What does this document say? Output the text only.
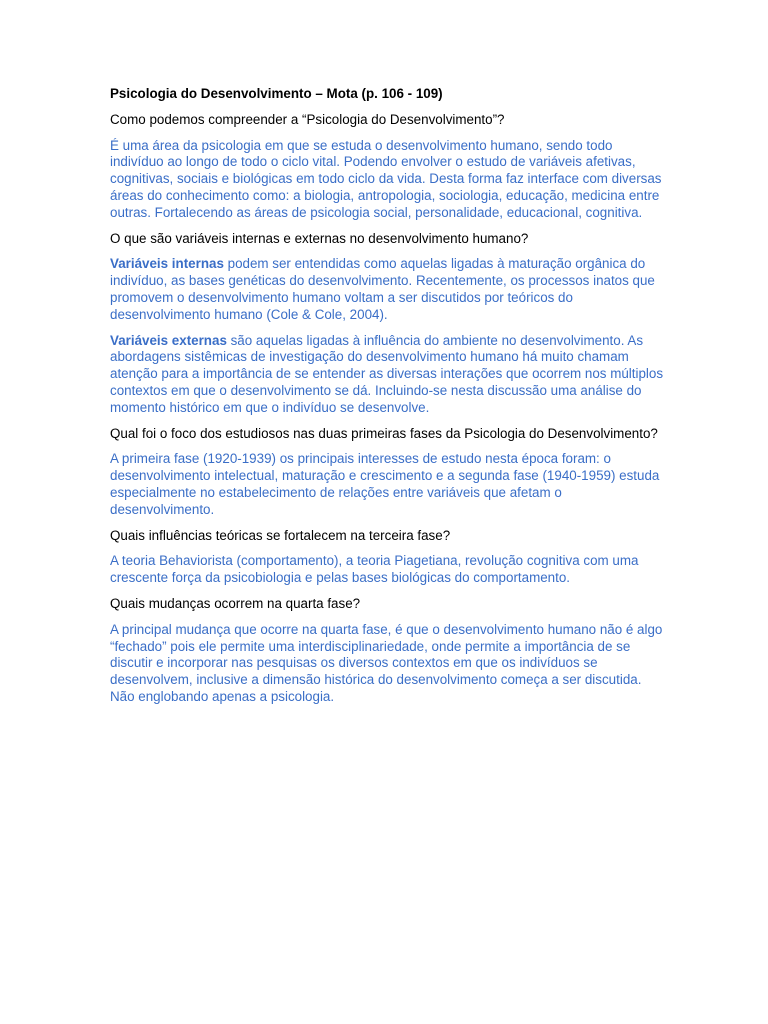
Psicologia do Desenvolvimento – Mota (p. 106 - 109)

Como podemos compreender a “Psicologia do Desenvolvimento”?

É uma área da psicologia em que se estuda o desenvolvimento humano, sendo todo indivíduo ao longo de todo o ciclo vital. Podendo envolver o estudo de variáveis afetivas, cognitivas, sociais e biológicas em todo ciclo da vida. Desta forma faz interface com diversas áreas do conhecimento como: a biologia, antropologia, sociologia, educação, medicina entre outras. Fortalecendo as áreas de psicologia social, personalidade, educacional, cognitiva.

O que são variáveis internas e externas no desenvolvimento humano?

Variáveis internas podem ser entendidas como aquelas ligadas à maturação orgânica do indivíduo, as bases genéticas do desenvolvimento. Recentemente, os processos inatos que promovem o desenvolvimento humano voltam a ser discutidos por teóricos do desenvolvimento humano (Cole & Cole, 2004).

Variáveis externas são aquelas ligadas à influência do ambiente no desenvolvimento. As abordagens sistêmicas de investigação do desenvolvimento humano há muito chamam atenção para a importância de se entender as diversas interações que ocorrem nos múltiplos contextos em que o desenvolvimento se dá. Incluindo-se nesta discussão uma análise do momento histórico em que o indivíduo se desenvolve.

Qual foi o foco dos estudiosos nas duas primeiras fases da Psicologia do Desenvolvimento?

A primeira fase (1920-1939) os principais interesses de estudo nesta época foram: o desenvolvimento intelectual, maturação e crescimento e a segunda fase (1940-1959) estuda especialmente no estabelecimento de relações entre variáveis que afetam o desenvolvimento.

Quais influências teóricas se fortalecem na terceira fase?

A teoria Behaviorista (comportamento), a teoria Piagetiana, revolução cognitiva com uma crescente força da psicobiologia e pelas bases biológicas do comportamento.

Quais mudanças ocorrem na quarta fase?

A principal mudança que ocorre na quarta fase, é que o desenvolvimento humano não é algo “fechado” pois ele permite uma interdisciplinariedade, onde permite a importância de se discutir e incorporar nas pesquisas os diversos contextos em que os indivíduos se desenvolvem, inclusive a dimensão histórica do desenvolvimento começa a ser discutida. Não englobando apenas a psicologia.
